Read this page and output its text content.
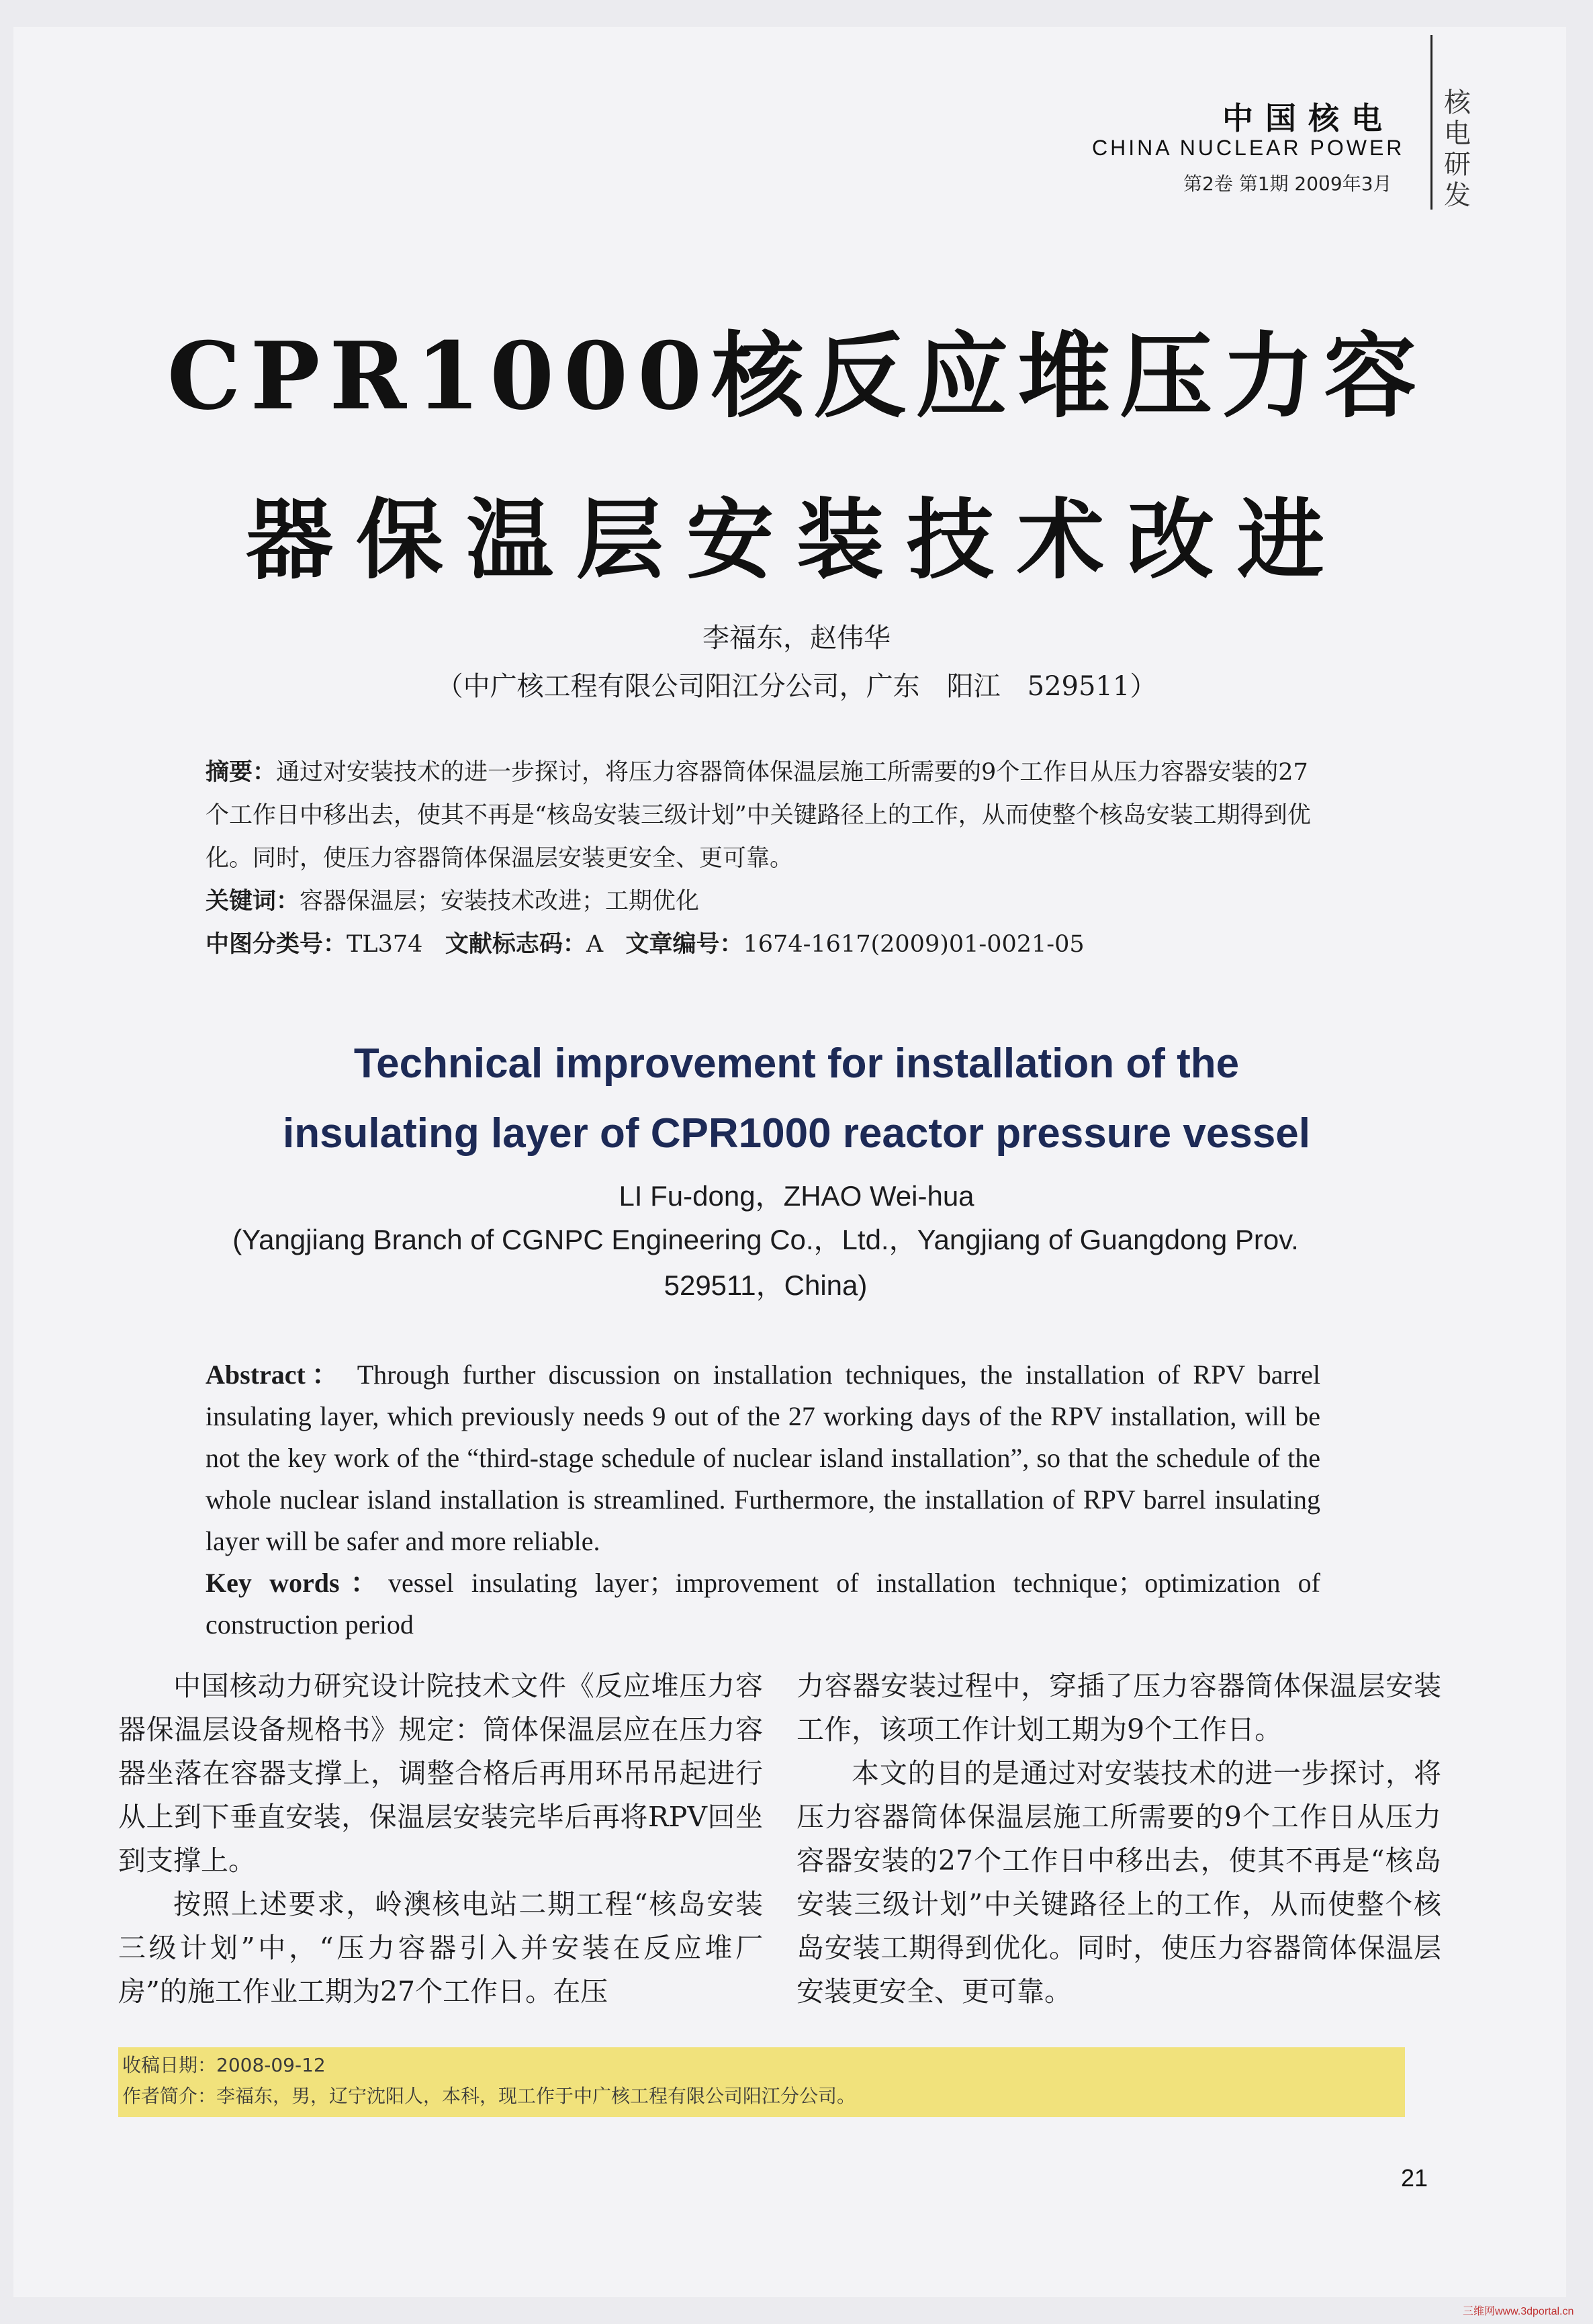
中国核电
CHINA NUCLEAR POWER
第2卷 第1期 2009年3月
核电研发
CPR1000核反应堆压力容
器保温层安装技术改进
李福东，赵伟华
（中广核工程有限公司阳江分公司，广东　阳江　529511）

摘要：通过对安装技术的进一步探讨，将压力容器筒体保温层施工所需要的9个工作日从压力容器安装的27个工作日中移出去，使其不再是“核岛安装三级计划”中关键路径上的工作，从而使整个核岛安装工期得到优化。同时，使压力容器筒体保温层安装更安全、更可靠。

关键词：容器保温层；安装技术改进；工期优化

中图分类号：TL374 文献标志码：A 文章编号：1674-1617(2009)01-0021-05

Technical improvement for installation of the
insulating layer of CPR1000 reactor pressure vessel
LI Fu-dong，ZHAO Wei-hua
(Yangjiang Branch of CGNPC Engineering Co.，Ltd.，Yangjiang of Guangdong Prov. 529511，China)

Abstract： Through further discussion on installation techniques, the installation of RPV barrel insulating layer, which previously needs 9 out of the 27 working days of the RPV installation, will be not the key work of the “third-stage schedule of nuclear island installation”, so that the schedule of the whole nuclear island installation is streamlined. Furthermore, the installation of RPV barrel insulating layer will be safer and more reliable.

Key words：vessel insulating layer；improvement of installation technique；optimization of construction period

中国核动力研究设计院技术文件《反应堆压力容器保温层设备规格书》规定：筒体保温层应在压力容器坐落在容器支撑上，调整合格后再用环吊吊起进行从上到下垂直安装，保温层安装完毕后再将RPV回坐到支撑上。

按照上述要求，岭澳核电站二期工程“核岛安装三级计划”中，“压力容器引入并安装在反应堆厂房”的施工作业工期为27个工作日。在压

力容器安装过程中，穿插了压力容器筒体保温层安装工作，该项工作计划工期为9个工作日。

本文的目的是通过对安装技术的进一步探讨，将压力容器筒体保温层施工所需要的9个工作日从压力容器安装的27个工作日中移出去，使其不再是“核岛安装三级计划”中关键路径上的工作，从而使整个核岛安装工期得到优化。同时，使压力容器筒体保温层安装更安全、更可靠。

收稿日期：2008-09-12

作者简介：李福东，男，辽宁沈阳人，本科，现工作于中广核工程有限公司阳江分公司。

21
三维网www.3dportal.cn
